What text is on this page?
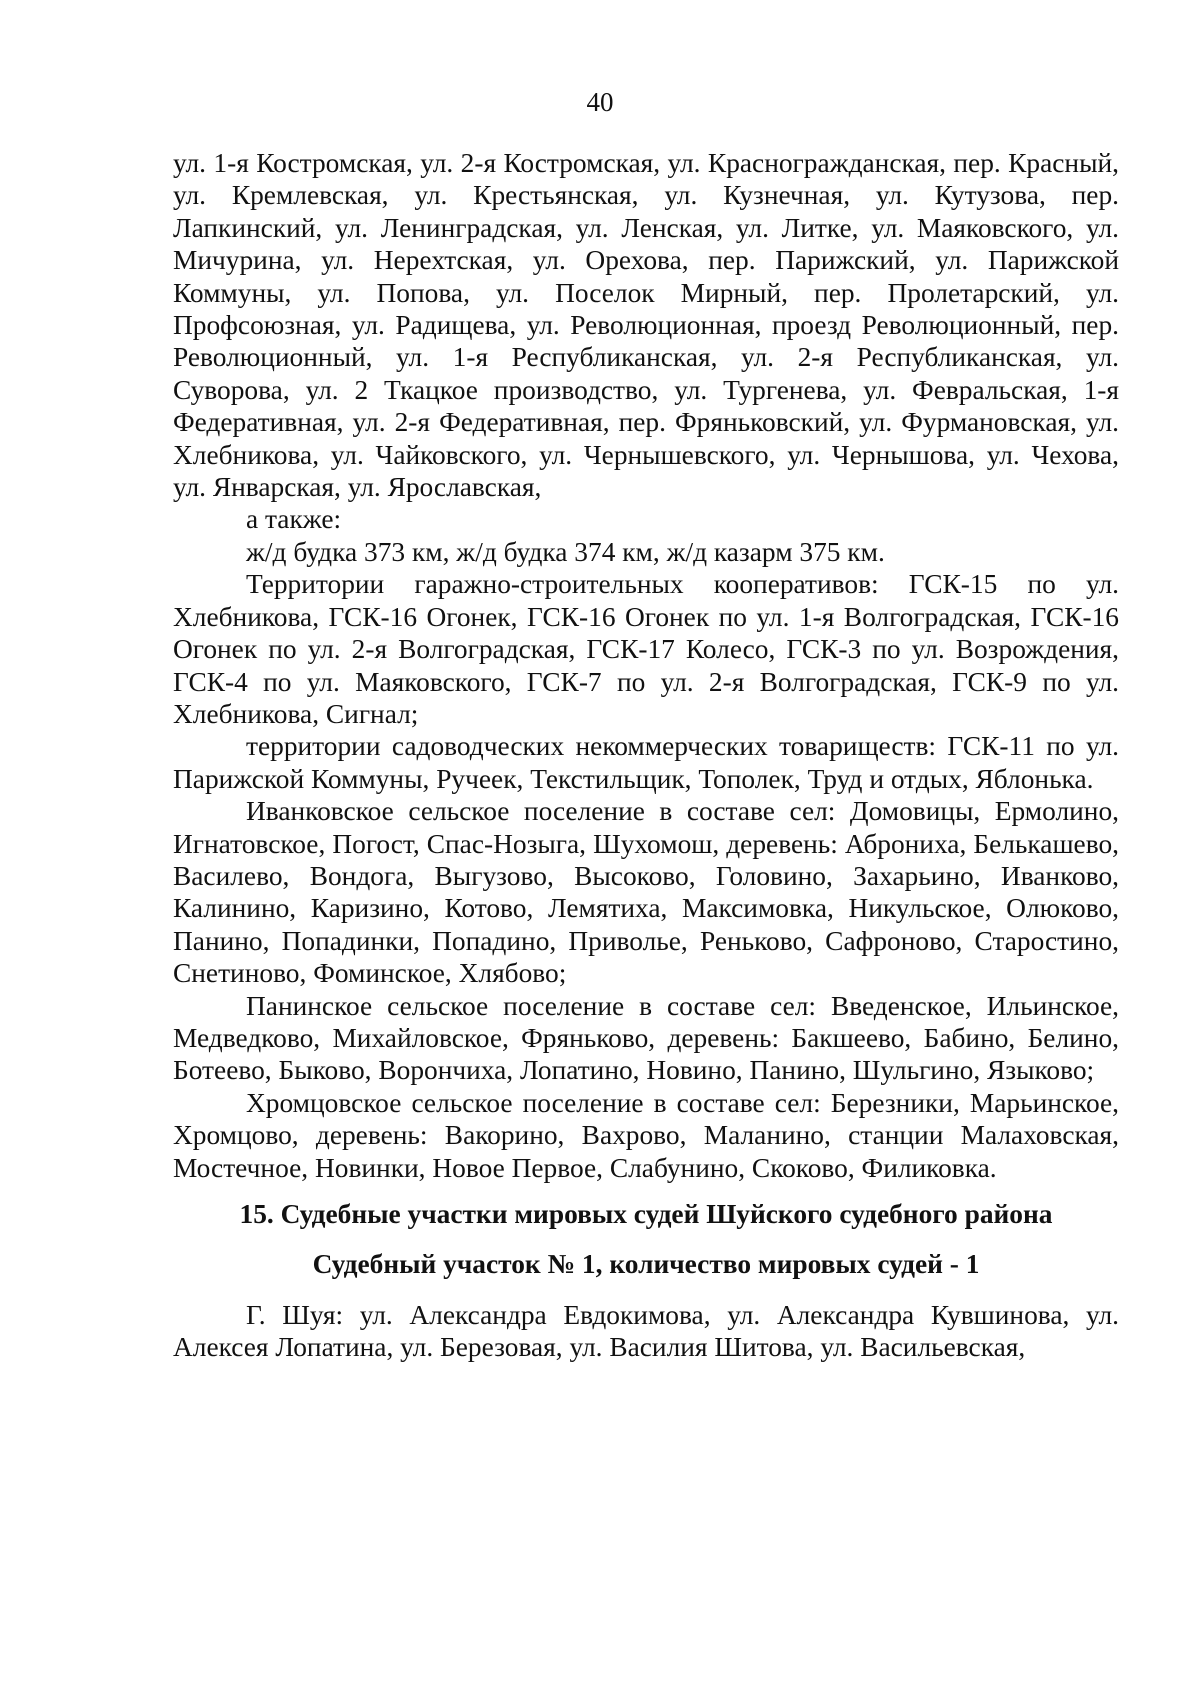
40

ул. 1-я Костромская, ул. 2-я Костромская, ул. Красногражданская, пер. Красный, ул. Кремлевская, ул. Крестьянская, ул. Кузнечная, ул. Кутузова, пер. Лапкинский, ул. Ленинградская, ул. Ленская, ул. Литке, ул. Маяковского, ул. Мичурина, ул. Нерехтская, ул. Орехова, пер. Парижский, ул. Парижской Коммуны, ул. Попова, ул. Поселок Мирный, пер. Пролетарский, ул. Профсоюзная, ул. Радищева, ул. Революционная, проезд Революционный, пер. Революционный, ул. 1-я Республиканская, ул. 2-я Республиканская, ул. Суворова, ул. 2 Ткацкое производство, ул. Тургенева, ул. Февральская, 1-я Федеративная, ул. 2-я Федеративная, пер. Фряньковский, ул. Фурмановская, ул. Хлебникова, ул. Чайковского, ул. Чернышевского, ул. Чернышова, ул. Чехова, ул. Январская, ул. Ярославская,

а также:

ж/д будка 373 км, ж/д будка 374 км, ж/д казарм 375 км.

Территории гаражно-строительных кооперативов: ГСК-15 по ул. Хлебникова, ГСК-16 Огонек, ГСК-16 Огонек по ул. 1-я Волгоградская, ГСК-16 Огонек по ул. 2-я Волгоградская, ГСК-17 Колесо, ГСК-3 по ул. Возрождения, ГСК-4 по ул. Маяковского, ГСК-7 по ул. 2-я Волгоградская, ГСК-9 по ул. Хлебникова, Сигнал;

территории садоводческих некоммерческих товариществ: ГСК-11 по ул. Парижской Коммуны, Ручеек, Текстильщик, Тополек, Труд и отдых, Яблонька.

Иванковское сельское поселение в составе сел: Домовицы, Ермолино, Игнатовское, Погост, Спас-Нозыга, Шухомош, деревень: Аброниха, Белькашево, Василево, Вондога, Выгузово, Высоково, Головино, Захарьино, Иванково, Калинино, Каризино, Котово, Лемятиха, Максимовка, Никульское, Олюково, Панино, Попадинки, Попадино, Приволье, Реньково, Сафроново, Старостино, Снетиново, Фоминское, Хлябово;

Панинское сельское поселение в составе сел: Введенское, Ильинское, Медведково, Михайловское, Фряньково, деревень: Бакшеево, Бабино, Белино, Ботеево, Быково, Ворончиха, Лопатино, Новино, Панино, Шульгино, Языково;

Хромцовское сельское поселение в составе сел: Березники, Марьинское, Хромцово, деревень: Вакорино, Вахрово, Маланино, станции Малаховская, Мостечное, Новинки, Новое Первое, Слабунино, Скоково, Филиковка.

15. Судебные участки мировых судей Шуйского судебного района
Судебный участок № 1, количество мировых судей - 1

Г. Шуя: ул. Александра Евдокимова, ул. Александра Кувшинова, ул. Алексея Лопатина, ул. Березовая, ул. Василия Шитова, ул. Васильевская,
